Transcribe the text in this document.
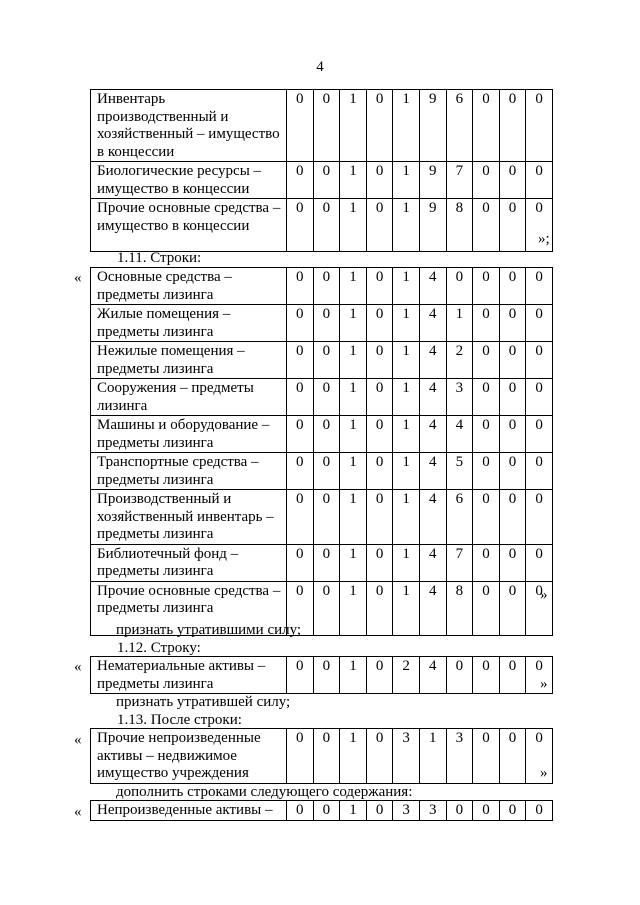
4
Инвентарь производственный и хозяйственный – имущество в концессии	0	0	1	0	1	9	6	0	0	0
Биологические ресурсы – имущество в концессии	0	0	1	0	1	9	7	0	0	0
Прочие основные средства – имущество в концессии	0	0	1	0	1	9	8	0	0	0
»;
1.11. Строки:
« Основные средства – предметы лизинга	0	0	1	0	1	4	0	0	0	0
Жилые помещения – предметы лизинга	0	0	1	0	1	4	1	0	0	0
Нежилые помещения – предметы лизинга	0	0	1	0	1	4	2	0	0	0
Сооружения – предметы лизинга	0	0	1	0	1	4	3	0	0	0
Машины и оборудование – предметы лизинга	0	0	1	0	1	4	4	0	0	0
Транспортные средства – предметы лизинга	0	0	1	0	1	4	5	0	0	0
Производственный и хозяйственный инвентарь – предметы лизинга	0	0	1	0	1	4	6	0	0	0
Библиотечный фонд – предметы лизинга	0	0	1	0	1	4	7	0	0	0
Прочие основные средства – предметы лизинга	0	0	1	0	1	4	8	0	0	0
»
признать утратившими силу;
1.12. Строку:
« Нематериальные активы – предметы лизинга	0	0	1	0	2	4	0	0	0	0
»
признать утратившей силу;
1.13. После строки:
« Прочие непроизведенные активы – недвижимое имущество учреждения	0	0	1	0	3	1	3	0	0	0
»
дополнить строками следующего содержания:
« Непроизведенные активы –	0	0	1	0	3	3	0	0	0	0
